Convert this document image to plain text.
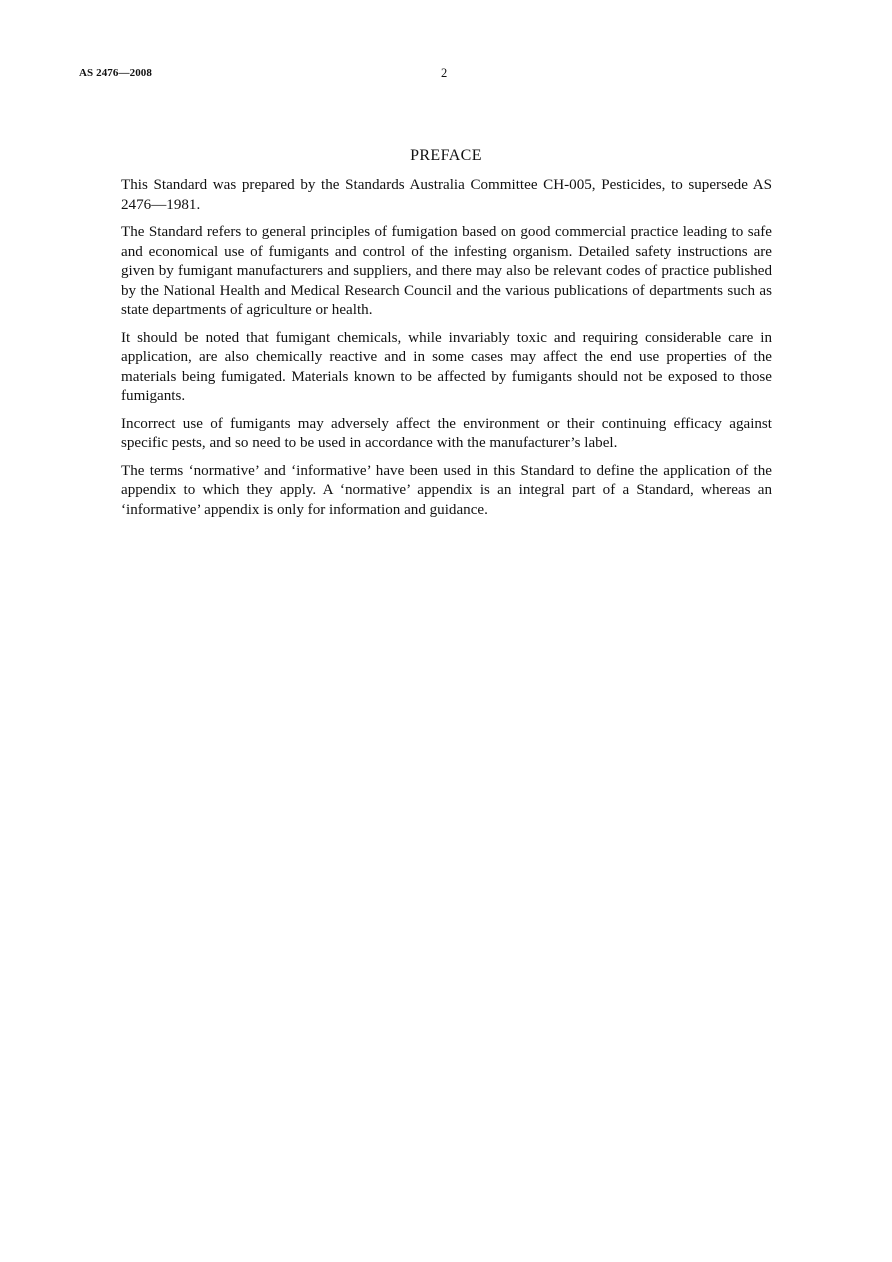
AS 2476—2008	2
PREFACE

This Standard was prepared by the Standards Australia Committee CH-005, Pesticides, to supersede AS 2476—1981.

The Standard refers to general principles of fumigation based on good commercial practice leading to safe and economical use of fumigants and control of the infesting organism. Detailed safety instructions are given by fumigant manufacturers and suppliers, and there may also be relevant codes of practice published by the National Health and Medical Research Council and the various publications of departments such as state departments of agriculture or health.

It should be noted that fumigant chemicals, while invariably toxic and requiring considerable care in application, are also chemically reactive and in some cases may affect the end use properties of the materials being fumigated. Materials known to be affected by fumigants should not be exposed to those fumigants.

Incorrect use of fumigants may adversely affect the environment or their continuing efficacy against specific pests, and so need to be used in accordance with the manufacturer’s label.

The terms ‘normative’ and ‘informative’ have been used in this Standard to define the application of the appendix to which they apply. A ‘normative’ appendix is an integral part of a Standard, whereas an ‘informative’ appendix is only for information and guidance.
